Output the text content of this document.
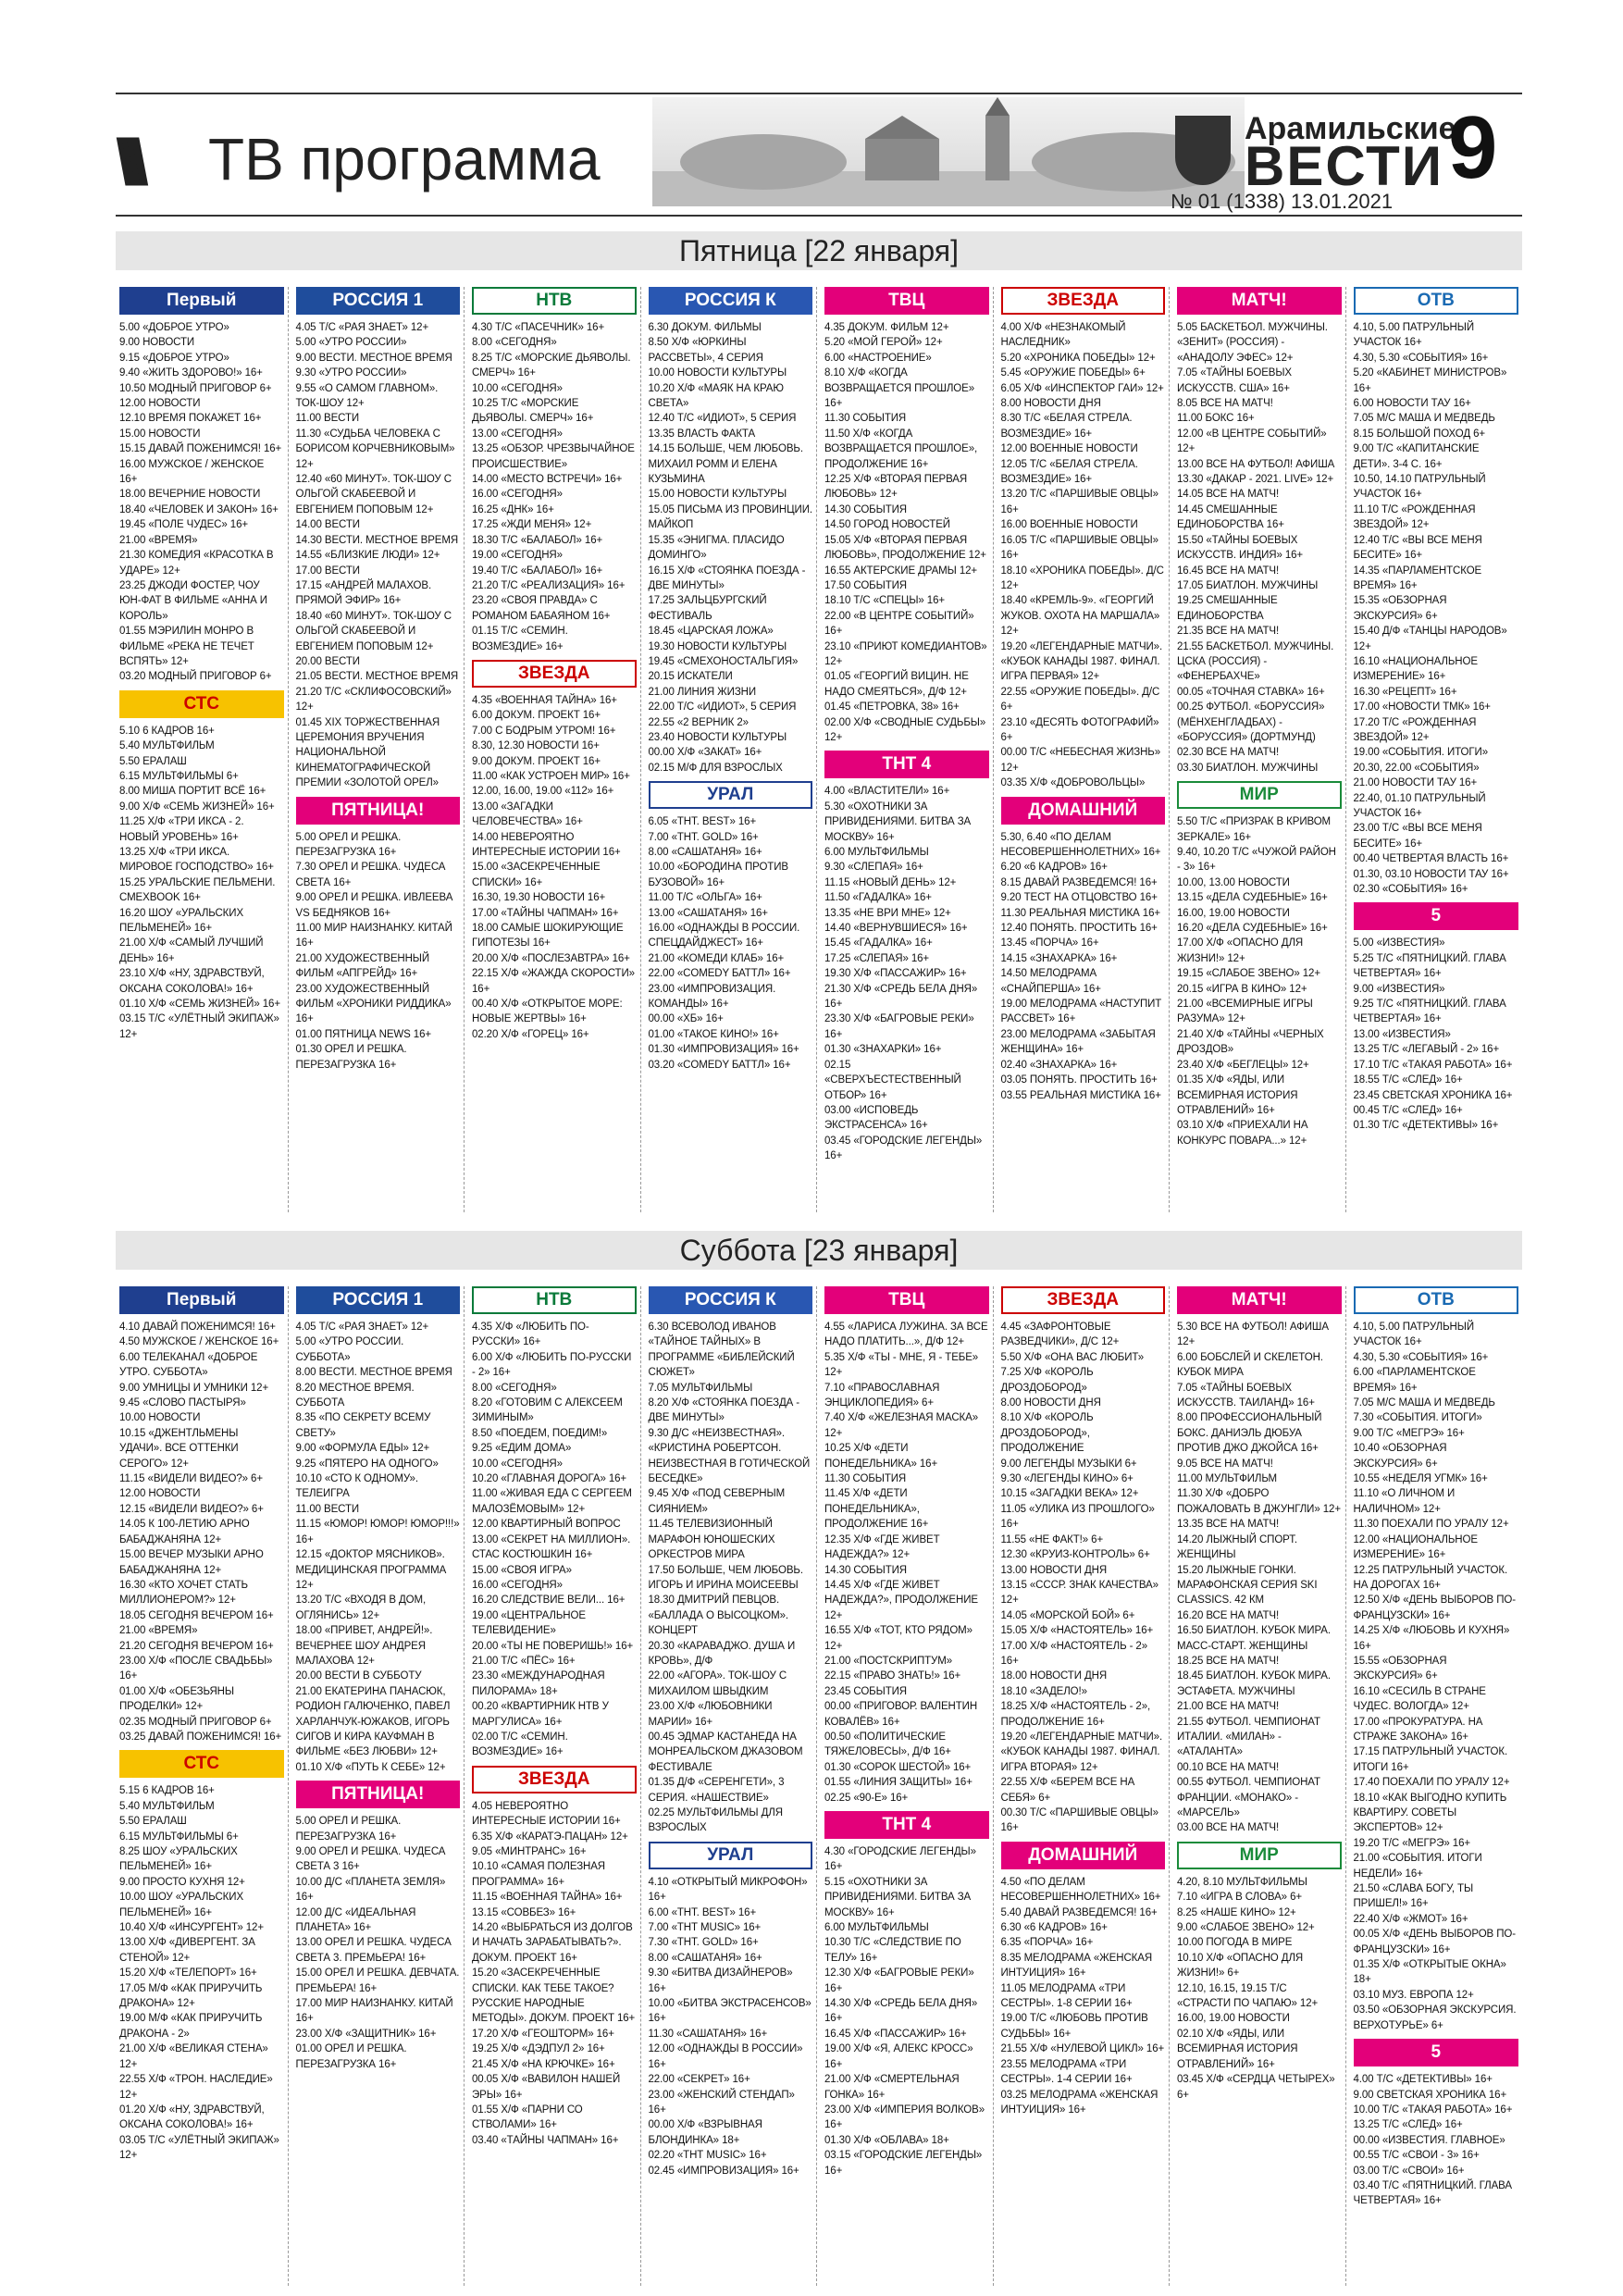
\\\\ ТВ программа	Арамильские
ВЕСТИ
№ 01 (1338) 13.01.2021
9
Пятница [22 января]
Первый
5.00 «ДОБРОЕ УТРО»
9.00 НОВОСТИ
9.15 «ДОБРОЕ УТРО»
9.40 «ЖИТЬ ЗДОРОВО!» 16+
10.50 МОДНЫЙ ПРИГОВОР 6+
12.00 НОВОСТИ
12.10 ВРЕМЯ ПОКАЖЕТ 16+
15.00 НОВОСТИ
15.15 ДАВАЙ ПОЖЕНИМСЯ! 16+
16.00 МУЖСКОЕ / ЖЕНСКОЕ 16+
18.00 ВЕЧЕРНИЕ НОВОСТИ
18.40 «ЧЕЛОВЕК И ЗАКОН» 16+
19.45 «ПОЛЕ ЧУДЕС» 16+
21.00 «ВРЕМЯ»
21.30 КОМЕДИЯ «КРАСОТКА В УДАРЕ» 12+
23.25 ДЖОДИ ФОСТЕР, ЧОУ ЮН-ФАТ В ФИЛЬМЕ «АННА И КОРОЛЬ»
01.55 МЭРИЛИН МОНРО В ФИЛЬМЕ «РЕКА НЕ ТЕЧЕТ ВСПЯТЬ» 12+
03.20 МОДНЫЙ ПРИГОВОР 6+
СТС
5.10 6 КАДРОВ 16+
5.40 МУЛЬТФИЛЬМ
5.50 ЕРАЛАШ
6.15 МУЛЬТФИЛЬМЫ 6+
8.00 МИША ПОРТИТ ВСЁ 16+
9.00 Х/Ф «СЕМЬ ЖИЗНЕЙ» 16+
11.25 Х/Ф «ТРИ ИКСА - 2. НОВЫЙ УРОВЕНЬ» 16+
13.25 Х/Ф «ТРИ ИКСА. МИРОВОЕ ГОСПОДСТВО» 16+
15.25 УРАЛЬСКИЕ ПЕЛЬМЕНИ. СМЕХBOOK 16+
16.20 ШОУ «УРАЛЬСКИХ ПЕЛЬМЕНЕЙ» 16+
21.00 Х/Ф «САМЫЙ ЛУЧШИЙ ДЕНЬ» 16+
23.10 Х/Ф «НУ, ЗДРАВСТВУЙ, ОКСАНА СОКОЛОВА!» 16+
01.10 Х/Ф «СЕМЬ ЖИЗНЕЙ» 16+
03.15 Т/С «УЛЁТНЫЙ ЭКИПАЖ» 12+
РОССИЯ 1
4.05 Т/С «РАЯ ЗНАЕТ» 12+
5.00 «УТРО РОССИИ»
9.00 ВЕСТИ. МЕСТНОЕ ВРЕМЯ
9.30 «УТРО РОССИИ»
9.55 «О САМОМ ГЛАВНОМ». ТОК-ШОУ 12+
11.00 ВЕСТИ
11.30 «СУДЬБА ЧЕЛОВЕКА С БОРИСОМ КОРЧЕВНИКОВЫМ» 12+
12.40 «60 МИНУТ». ТОК-ШОУ С ОЛЬГОЙ СКАБЕЕВОЙ И ЕВГЕНИЕМ ПОПОВЫМ 12+
14.00 ВЕСТИ
14.30 ВЕСТИ. МЕСТНОЕ ВРЕМЯ
14.55 «БЛИЗКИЕ ЛЮДИ» 12+
17.00 ВЕСТИ
17.15 «АНДРЕЙ МАЛАХОВ. ПРЯМОЙ ЭФИР» 16+
18.40 «60 МИНУТ». ТОК-ШОУ С ОЛЬГОЙ СКАБЕЕВОЙ И ЕВГЕНИЕМ ПОПОВЫМ 12+
20.00 ВЕСТИ
21.05 ВЕСТИ. МЕСТНОЕ ВРЕМЯ
21.20 Т/С «СКЛИФОСОВСКИЙ» 12+
01.45 XIX ТОРЖЕСТВЕННАЯ ЦЕРЕМОНИЯ ВРУЧЕНИЯ НАЦИОНАЛЬНОЙ КИНЕМАТОГРАФИЧЕСКОЙ ПРЕМИИ «ЗОЛОТОЙ ОРЕЛ»
ПЯТНИЦА!
5.00 ОРЕЛ И РЕШКА. ПЕРЕЗАГРУЗКА 16+
7.30 ОРЕЛ И РЕШКА. ЧУДЕСА СВЕТА 16+
9.00 ОРЕЛ И РЕШКА. ИВЛЕЕВА VS БЕДНЯКОВ 16+
11.00 МИР НАИЗНАНКУ. КИТАЙ 16+
21.00 ХУДОЖЕСТВЕННЫЙ ФИЛЬМ «АПГРЕЙД» 16+
23.00 ХУДОЖЕСТВЕННЫЙ ФИЛЬМ «ХРОНИКИ РИДДИКА» 16+
01.00 ПЯТНИЦА NEWS 16+
01.30 ОРЕЛ И РЕШКА. ПЕРЕЗАГРУЗКА 16+
НТВ
4.30 Т/С «ПАСЕЧНИК» 16+
8.00 «СЕГОДНЯ»
8.25 Т/С «МОРСКИЕ ДЬЯВОЛЫ. СМЕРЧ» 16+
10.00 «СЕГОДНЯ»
10.25 Т/С «МОРСКИЕ ДЬЯВОЛЫ. СМЕРЧ» 16+
13.00 «СЕГОДНЯ»
13.25 «ОБЗОР. ЧРЕЗВЫЧАЙНОЕ ПРОИСШЕСТВИЕ»
14.00 «МЕСТО ВСТРЕЧИ» 16+
16.00 «СЕГОДНЯ»
16.25 «ДНК» 16+
17.25 «ЖДИ МЕНЯ» 12+
18.30 Т/С «БАЛАБОЛ» 16+
19.00 «СЕГОДНЯ»
19.40 Т/С «БАЛАБОЛ» 16+
21.20 Т/С «РЕАЛИЗАЦИЯ» 16+
23.20 «СВОЯ ПРАВДА» С РОМАНОМ БАБАЯНОМ 16+
01.15 Т/С «СЕМИН. ВОЗМЕЗДИЕ» 16+
ЗВЕЗДА
4.35 «ВОЕННАЯ ТАЙНА» 16+
6.00 ДОКУМ. ПРОЕКТ 16+
7.00 С БОДРЫМ УТРОМ! 16+
8.30, 12.30 НОВОСТИ 16+
9.00 ДОКУМ. ПРОЕКТ 16+
11.00 «КАК УСТРОЕН МИР» 16+
12.00, 16.00, 19.00 «112» 16+
13.00 «ЗАГАДКИ ЧЕЛОВЕЧЕСТВА» 16+
14.00 НЕВЕРОЯТНО ИНТЕРЕСНЫЕ ИСТОРИИ 16+
15.00 «ЗАСЕКРЕЧЕННЫЕ СПИСКИ» 16+
16.30, 19.30 НОВОСТИ 16+
17.00 «ТАЙНЫ ЧАПМАН» 16+
18.00 САМЫЕ ШОКИРУЮЩИЕ ГИПОТЕЗЫ 16+
20.00 Х/Ф «ПОСЛЕЗАВТРА» 16+
22.15 Х/Ф «ЖАЖДА СКОРОСТИ» 16+
00.40 Х/Ф «ОТКРЫТОЕ МОРЕ: НОВЫЕ ЖЕРТВЫ» 16+
02.20 Х/Ф «ГОРЕЦ» 16+
РОССИЯ К
6.30 ДОКУМ. ФИЛЬМЫ
8.50 Х/Ф «ЮРКИНЫ РАССВЕТЫ», 4 СЕРИЯ
10.00 НОВОСТИ КУЛЬТУРЫ
10.20 Х/Ф «МАЯК НА КРАЮ СВЕТА»
12.40 Т/С «ИДИОТ», 5 СЕРИЯ
13.35 ВЛАСТЬ ФАКТА
14.15 БОЛЬШЕ, ЧЕМ ЛЮБОВЬ. МИХАИЛ РОММ И ЕЛЕНА КУЗЬМИНА
15.00 НОВОСТИ КУЛЬТУРЫ
15.05 ПИСЬМА ИЗ ПРОВИНЦИИ. МАЙКОП
15.35 «ЭНИГМА. ПЛАСИДО ДОМИНГО»
16.15 Х/Ф «СТОЯНКА ПОЕЗДА - ДВЕ МИНУТЫ»
17.25 ЗАЛЬЦБУРГСКИЙ ФЕСТИВАЛЬ
18.45 «ЦАРСКАЯ ЛОЖА»
19.30 НОВОСТИ КУЛЬТУРЫ
19.45 «СМЕХОНОСТАЛЬГИЯ»
20.15 ИСКАТЕЛИ
21.00 ЛИНИЯ ЖИЗНИ
22.00 Т/С «ИДИОТ», 5 СЕРИЯ
22.55 «2 ВЕРНИК 2»
23.40 НОВОСТИ КУЛЬТУРЫ
00.00 Х/Ф «ЗАКАТ» 16+
02.15 М/Ф ДЛЯ ВЗРОСЛЫХ
УРАЛ
6.05 «ТНТ. BEST» 16+
7.00 «ТНТ. GOLD» 16+
8.00 «САШАТАНЯ» 16+
10.00 «БОРОДИНА ПРОТИВ БУЗОВОЙ» 16+
11.00 Т/С «ОЛЬГА» 16+
13.00 «САШАТАНЯ» 16+
16.00 «ОДНАЖДЫ В РОССИИ. СПЕЦДАЙДЖЕСТ» 16+
21.00 «КОМЕДИ КЛАБ» 16+
22.00 «COMEDY БАТТЛ» 16+
23.00 «ИМПРОВИЗАЦИЯ. КОМАНДЫ» 16+
00.00 «ХБ» 16+
01.00 «ТАКОЕ КИНО!» 16+
01.30 «ИМПРОВИЗАЦИЯ» 16+
03.20 «COMEDY БАТТЛ» 16+
ТВЦ
4.35 ДОКУМ. ФИЛЬМ 12+
5.20 «МОЙ ГЕРОЙ» 12+
6.00 «НАСТРОЕНИЕ»
8.10 Х/Ф «КОГДА ВОЗВРАЩАЕТСЯ ПРОШЛОЕ» 16+
11.30 СОБЫТИЯ
11.50 Х/Ф «КОГДА ВОЗВРАЩАЕТСЯ ПРОШЛОЕ», ПРОДОЛЖЕНИЕ 16+
12.25 Х/Ф «ВТОРАЯ ПЕРВАЯ ЛЮБОВЬ» 12+
14.30 СОБЫТИЯ
14.50 ГОРОД НОВОСТЕЙ
15.05 Х/Ф «ВТОРАЯ ПЕРВАЯ ЛЮБОВЬ», ПРОДОЛЖЕНИЕ 12+
16.55 АКТЕРСКИЕ ДРАМЫ 12+
17.50 СОБЫТИЯ
18.10 Т/С «СПЕЦЫ» 16+
22.00 «В ЦЕНТРЕ СОБЫТИЙ» 16+
23.10 «ПРИЮТ КОМЕДИАНТОВ» 12+
01.05 «ГЕОРГИЙ ВИЦИН. НЕ НАДО СМЕЯТЬСЯ», Д/Ф 12+
01.45 «ПЕТРОВКА, 38» 16+
02.00 Х/Ф «СВОДНЫЕ СУДЬБЫ» 12+
ТНТ 4
4.00 «ВЛАСТИТЕЛИ» 16+
5.30 «ОХОТНИКИ ЗА ПРИВИДЕНИЯМИ. БИТВА ЗА МОСКВУ» 16+
6.00 МУЛЬТФИЛЬМЫ
9.30 «СЛЕПАЯ» 16+
11.15 «НОВЫЙ ДЕНЬ» 12+
11.50 «ГАДАЛКА» 16+
13.35 «НЕ ВРИ МНЕ» 12+
14.40 «ВЕРНУВШИЕСЯ» 16+
15.45 «ГАДАЛКА» 16+
17.25 «СЛЕПАЯ» 16+
19.30 Х/Ф «ПАССАЖИР» 16+
21.30 Х/Ф «СРЕДЬ БЕЛА ДНЯ» 16+
23.30 Х/Ф «БАГРОВЫЕ РЕКИ» 16+
01.30 «ЗНАХАРКИ» 16+
02.15 «СВЕРХЪЕСТЕСТВЕННЫЙ ОТБОР» 16+
03.00 «ИСПОВЕДЬ ЭКСТРАСЕНСА» 16+
03.45 «ГОРОДСКИЕ ЛЕГЕНДЫ» 16+
ЗВЕЗДА
4.00 Х/Ф «НЕЗНАКОМЫЙ НАСЛЕДНИК»
5.20 «ХРОНИКА ПОБЕДЫ» 12+
5.45 «ОРУЖИЕ ПОБЕДЫ» 6+
6.05 Х/Ф «ИНСПЕКТОР ГАИ» 12+
8.00 НОВОСТИ ДНЯ
8.30 Т/С «БЕЛАЯ СТРЕЛА. ВОЗМЕЗДИЕ» 16+
12.00 ВОЕННЫЕ НОВОСТИ
12.05 Т/С «БЕЛАЯ СТРЕЛА. ВОЗМЕЗДИЕ» 16+
13.20 Т/С «ПАРШИВЫЕ ОВЦЫ» 16+
16.00 ВОЕННЫЕ НОВОСТИ
16.05 Т/С «ПАРШИВЫЕ ОВЦЫ» 16+
18.10 «ХРОНИКА ПОБЕДЫ». Д/С 12+
18.40 «КРЕМЛЬ-9». «ГЕОРГИЙ ЖУКОВ. ОХОТА НА МАРШАЛА» 12+
19.20 «ЛЕГЕНДАРНЫЕ МАТЧИ». «КУБОК КАНАДЫ 1987. ФИНАЛ. ИГРА ПЕРВАЯ» 12+
22.55 «ОРУЖИЕ ПОБЕДЫ». Д/С 6+
23.10 «ДЕСЯТЬ ФОТОГРАФИЙ» 6+
00.00 Т/С «НЕБЕСНАЯ ЖИЗНЬ» 12+
03.35 Х/Ф «ДОБРОВОЛЬЦЫ»
ДОМАШНИЙ
5.30, 6.40 «ПО ДЕЛАМ НЕСОВЕРШЕННОЛЕТНИХ» 16+
6.20 «6 КАДРОВ» 16+
8.15 ДАВАЙ РАЗВЕДЕМСЯ! 16+
9.20 ТЕСТ НА ОТЦОВСТВО 16+
11.30 РЕАЛЬНАЯ МИСТИКА 16+
12.40 ПОНЯТЬ. ПРОСТИТЬ 16+
13.45 «ПОРЧА» 16+
14.15 «ЗНАХАРКА» 16+
14.50 МЕЛОДРАМА «СНАЙПЕРША» 16+
19.00 МЕЛОДРАМА «НАСТУПИТ РАССВЕТ» 16+
23.00 МЕЛОДРАМА «ЗАБЫТАЯ ЖЕНЩИНА» 16+
02.40 «ЗНАХАРКА» 16+
03.05 ПОНЯТЬ. ПРОСТИТЬ 16+
03.55 РЕАЛЬНАЯ МИСТИКА 16+
МАТЧ!
5.05 БАСКЕТБОЛ. МУЖЧИНЫ. «ЗЕНИТ» (РОССИЯ) - «АНАДОЛУ ЭФЕС» 12+
7.05 «ТАЙНЫ БОЕВЫХ ИСКУССТВ. США» 16+
8.05 ВСЕ НА МАТЧ!
11.00 БОКС 16+
12.00 «В ЦЕНТРЕ СОБЫТИЙ» 12+
13.00 ВСЕ НА ФУТБОЛ! АФИША
13.30 «ДАКАР - 2021. LIVE» 12+
14.05 ВСЕ НА МАТЧ!
14.45 СМЕШАННЫЕ ЕДИНОБОРСТВА 16+
15.50 «ТАЙНЫ БОЕВЫХ ИСКУССТВ. ИНДИЯ» 16+
16.45 ВСЕ НА МАТЧ!
17.05 БИАТЛОН. МУЖЧИНЫ
19.25 СМЕШАННЫЕ ЕДИНОБОРСТВА
21.35 ВСЕ НА МАТЧ!
21.55 БАСКЕТБОЛ. МУЖЧИНЫ. ЦСКА (РОССИЯ) - «ФЕНЕРБАХЧЕ»
00.05 «ТОЧНАЯ СТАВКА» 16+
00.25 ФУТБОЛ. «БОРУССИЯ» (МЁНХЕНГЛАДБАХ) - «БОРУССИЯ» (ДОРТМУНД)
02.30 ВСЕ НА МАТЧ!
03.30 БИАТЛОН. МУЖЧИНЫ
МИР
5.50 Т/С «ПРИЗРАК В КРИВОМ ЗЕРКАЛЕ» 16+
9.40, 10.20 Т/С «ЧУЖОЙ РАЙОН - 3» 16+
10.00, 13.00 НОВОСТИ
13.15 «ДЕЛА СУДЕБНЫЕ» 16+
16.00, 19.00 НОВОСТИ
16.20 «ДЕЛА СУДЕБНЫЕ» 16+
17.00 Х/Ф «ОПАСНО ДЛЯ ЖИЗНИ!» 12+
19.15 «СЛАБОЕ ЗВЕНО» 12+
20.15 «ИГРА В КИНО» 12+
21.00 «ВСЕМИРНЫЕ ИГРЫ РАЗУМА» 12+
21.40 Х/Ф «ТАЙНЫ «ЧЕРНЫХ ДРОЗДОВ»
23.40 Х/Ф «БЕГЛЕЦЫ» 12+
01.35 Х/Ф «ЯДЫ, ИЛИ ВСЕМИРНАЯ ИСТОРИЯ ОТРАВЛЕНИЙ» 16+
03.10 Х/Ф «ПРИЕХАЛИ НА КОНКУРС ПОВАРА...» 12+
ОТВ
4.10, 5.00 ПАТРУЛЬНЫЙ УЧАСТОК 16+
4.30, 5.30 «СОБЫТИЯ» 16+
5.20 «КАБИНЕТ МИНИСТРОВ» 16+
6.00 НОВОСТИ ТАУ 16+
7.05 М/С МАША И МЕДВЕДЬ
8.15 БОЛЬШОЙ ПОХОД 6+
9.00 Т/С «КАПИТАНСКИЕ ДЕТИ». 3-4 С. 16+
10.50, 14.10 ПАТРУЛЬНЫЙ УЧАСТОК 16+
11.10 Т/С «РОЖДЕННАЯ ЗВЕЗДОЙ» 12+
12.40 Т/С «ВЫ ВСЕ МЕНЯ БЕСИТЕ» 16+
14.35 «ПАРЛАМЕНТСКОЕ ВРЕМЯ» 16+
15.35 «ОБЗОРНАЯ ЭКСКУРСИЯ» 6+
15.40 Д/Ф «ТАНЦЫ НАРОДОВ» 12+
16.10 «НАЦИОНАЛЬНОЕ ИЗМЕРЕНИЕ» 16+
16.30 «РЕЦЕПТ» 16+
17.00 «НОВОСТИ ТМК» 16+
17.20 Т/С «РОЖДЕННАЯ ЗВЕЗДОЙ» 12+
19.00 «СОБЫТИЯ. ИТОГИ»
20.30, 22.00 «СОБЫТИЯ»
21.00 НОВОСТИ ТАУ 16+
22.40, 01.10 ПАТРУЛЬНЫЙ УЧАСТОК 16+
23.00 Т/С «ВЫ ВСЕ МЕНЯ БЕСИТЕ» 16+
00.40 ЧЕТВЕРТАЯ ВЛАСТЬ 16+
01.30, 03.10 НОВОСТИ ТАУ 16+
02.30 «СОБЫТИЯ» 16+
5
5.00 «ИЗВЕСТИЯ»
5.25 Т/С «ПЯТНИЦКИЙ. ГЛАВА ЧЕТВЕРТАЯ» 16+
9.00 «ИЗВЕСТИЯ»
9.25 Т/С «ПЯТНИЦКИЙ. ГЛАВА ЧЕТВЕРТАЯ» 16+
13.00 «ИЗВЕСТИЯ»
13.25 Т/С «ЛЕГАВЫЙ - 2» 16+
17.10 Т/С «ТАКАЯ РАБОТА» 16+
18.55 Т/С «СЛЕД» 16+
23.45 СВЕТСКАЯ ХРОНИКА 16+
00.45 Т/С «СЛЕД» 16+
01.30 Т/С «ДЕТЕКТИВЫ» 16+
Суббота [23 января]
Первый
4.10 ДАВАЙ ПОЖЕНИМСЯ! 16+
4.50 МУЖСКОЕ / ЖЕНСКОЕ 16+
6.00 ТЕЛЕКАНАЛ «ДОБРОЕ УТРО. СУББОТА»
9.00 УМНИЦЫ И УМНИКИ 12+
9.45 «СЛОВО ПАСТЫРЯ»
10.00 НОВОСТИ
10.15 «ДЖЕНТЛЬМЕНЫ УДАЧИ». ВСЕ ОТТЕНКИ СЕРОГО» 12+
11.15 «ВИДЕЛИ ВИДЕО?» 6+
12.00 НОВОСТИ
12.15 «ВИДЕЛИ ВИДЕО?» 6+
14.05 К 100-ЛЕТИЮ АРНО БАБАДЖАНЯНА 12+
15.00 ВЕЧЕР МУЗЫКИ АРНО БАБАДЖАНЯНА 12+
16.30 «КТО ХОЧЕТ СТАТЬ МИЛЛИОНЕРОМ?» 12+
18.05 СЕГОДНЯ ВЕЧЕРОМ 16+
21.00 «ВРЕМЯ»
21.20 СЕГОДНЯ ВЕЧЕРОМ 16+
23.00 Х/Ф «ПОСЛЕ СВАДЬБЫ» 16+
01.00 Х/Ф «ОБЕЗЬЯНЫ ПРОДЕЛКИ» 12+
02.35 МОДНЫЙ ПРИГОВОР 6+
03.25 ДАВАЙ ПОЖЕНИМСЯ! 16+
СТС
5.15 6 КАДРОВ 16+
5.40 МУЛЬТФИЛЬМ
5.50 ЕРАЛАШ
6.15 МУЛЬТФИЛЬМЫ 6+
8.25 ШОУ «УРАЛЬСКИХ ПЕЛЬМЕНЕЙ» 16+
9.00 ПРОСТО КУХНЯ 12+
10.00 ШОУ «УРАЛЬСКИХ ПЕЛЬМЕНЕЙ» 16+
10.40 Х/Ф «ИНСУРГЕНТ» 12+
13.00 Х/Ф «ДИВЕРГЕНТ. ЗА СТЕНОЙ» 12+
15.20 Х/Ф «ТЕЛЕПОРТ» 16+
17.05 М/Ф «КАК ПРИРУЧИТЬ ДРАКОНА» 12+
19.00 М/Ф «КАК ПРИРУЧИТЬ ДРАКОНА - 2»
21.00 Х/Ф «ВЕЛИКАЯ СТЕНА» 12+
22.55 Х/Ф «ТРОН. НАСЛЕДИЕ» 12+
01.20 Х/Ф «НУ, ЗДРАВСТВУЙ, ОКСАНА СОКОЛОВА!» 16+
03.05 Т/С «УЛЁТНЫЙ ЭКИПАЖ» 12+
РОССИЯ 1
4.05 Т/С «РАЯ ЗНАЕТ» 12+
5.00 «УТРО РОССИИ. СУББОТА»
8.00 ВЕСТИ. МЕСТНОЕ ВРЕМЯ
8.20 МЕСТНОЕ ВРЕМЯ. СУББОТА
8.35 «ПО СЕКРЕТУ ВСЕМУ СВЕТУ»
9.00 «ФОРМУЛА ЕДЫ» 12+
9.25 «ПЯТЕРО НА ОДНОГО»
10.10 «СТО К ОДНОМУ». ТЕЛЕИГРА
11.00 ВЕСТИ
11.15 «ЮМОР! ЮМОР! ЮМОР!!!» 16+
12.15 «ДОКТОР МЯСНИКОВ». МЕДИЦИНСКАЯ ПРОГРАММА 12+
13.20 Т/С «ВХОДЯ В ДОМ, ОГЛЯНИСЬ» 12+
18.00 «ПРИВЕТ, АНДРЕЙ!». ВЕЧЕРНЕЕ ШОУ АНДРЕЯ МАЛАХОВА 12+
20.00 ВЕСТИ В СУББОТУ
21.00 ЕКАТЕРИНА ПАНАСЮК, РОДИОН ГАЛЮЧЕНКО, ПАВЕЛ ХАРЛАНЧУК-ЮЖАКОВ, ИГОРЬ СИГОВ И КИРА КАУФМАН В ФИЛЬМЕ «БЕЗ ЛЮБВИ» 12+
01.10 Х/Ф «ПУТЬ К СЕБЕ» 12+
ПЯТНИЦА!
5.00 ОРЕЛ И РЕШКА. ПЕРЕЗАГРУЗКА 16+
9.00 ОРЕЛ И РЕШКА. ЧУДЕСА СВЕТА 3 16+
10.00 Д/С «ПЛАНЕТА ЗЕМЛЯ» 16+
12.00 Д/С «ИДЕАЛЬНАЯ ПЛАНЕТА» 16+
13.00 ОРЕЛ И РЕШКА. ЧУДЕСА СВЕТА 3. ПРЕМЬЕРА! 16+
15.00 ОРЕЛ И РЕШКА. ДЕВЧАТА. ПРЕМЬЕРА! 16+
17.00 МИР НАИЗНАНКУ. КИТАЙ 16+
23.00 Х/Ф «ЗАЩИТНИК» 16+
01.00 ОРЕЛ И РЕШКА. ПЕРЕЗАГРУЗКА 16+
НТВ
4.35 Х/Ф «ЛЮБИТЬ ПО-РУССКИ» 16+
6.00 Х/Ф «ЛЮБИТЬ ПО-РУССКИ - 2» 16+
8.00 «СЕГОДНЯ»
8.20 «ГОТОВИМ С АЛЕКСЕЕМ ЗИМИНЫМ»
8.50 «ПОЕДЕМ, ПОЕДИМ!»
9.25 «ЕДИМ ДОМА»
10.00 «СЕГОДНЯ»
10.20 «ГЛАВНАЯ ДОРОГА» 16+
11.00 «ЖИВАЯ ЕДА С СЕРГЕЕМ МАЛОЗЁМОВЫМ» 12+
12.00 КВАРТИРНЫЙ ВОПРОС
13.00 «СЕКРЕТ НА МИЛЛИОН». СТАС КОСТЮШКИН 16+
15.00 «СВОЯ ИГРА»
16.00 «СЕГОДНЯ»
16.20 СЛЕДСТВИЕ ВЕЛИ... 16+
19.00 «ЦЕНТРАЛЬНОЕ ТЕЛЕВИДЕНИЕ»
20.00 «ТЫ НЕ ПОВЕРИШЬ!» 16+
21.00 Т/С «ПЁС» 16+
23.30 «МЕЖДУНАРОДНАЯ ПИЛОРАМА» 18+
00.20 «КВАРТИРНИК НТВ У МАРГУЛИСА» 16+
02.00 Т/С «СЕМИН. ВОЗМЕЗДИЕ» 16+
ЗВЕЗДА
4.05 НЕВЕРОЯТНО ИНТЕРЕСНЫЕ ИСТОРИИ 16+
6.35 Х/Ф «КАРАТЭ-ПАЦАН» 12+
9.05 «МИНТРАНС» 16+
10.10 «САМАЯ ПОЛЕЗНАЯ ПРОГРАММА» 16+
11.15 «ВОЕННАЯ ТАЙНА» 16+
13.15 «СОВБЕЗ» 16+
14.20 «ВЫБРАТЬСЯ ИЗ ДОЛГОВ И НАЧАТЬ ЗАРАБАТЫВАТЬ?». ДОКУМ. ПРОЕКТ 16+
15.20 «ЗАСЕКРЕЧЕННЫЕ СПИСКИ. КАК ТЕБЕ ТАКОЕ? РУССКИЕ НАРОДНЫЕ МЕТОДЫ». ДОКУМ. ПРОЕКТ 16+
17.20 Х/Ф «ГЕОШТОРМ» 16+
19.25 Х/Ф «ДЭДПУЛ 2» 16+
21.45 Х/Ф «НА КРЮЧКЕ» 16+
00.05 Х/Ф «ВАВИЛОН НАШЕЙ ЭРЫ» 16+
01.55 Х/Ф «ПАРНИ СО СТВОЛАМИ» 16+
03.40 «ТАЙНЫ ЧАПМАН» 16+
РОССИЯ К
6.30 ВСЕВОЛОД ИВАНОВ «ТАЙНОЕ ТАЙНЫХ» В ПРОГРАММЕ «БИБЛЕЙСКИЙ СЮЖЕТ»
7.05 МУЛЬТФИЛЬМЫ
8.20 Х/Ф «СТОЯНКА ПОЕЗДА - ДВЕ МИНУТЫ»
9.30 Д/С «НЕИЗВЕСТНАЯ». «КРИСТИНА РОБЕРТСОН. НЕИЗВЕСТНАЯ В ГОТИЧЕСКОЙ БЕСЕДКЕ»
9.45 Х/Ф «ПОД СЕВЕРНЫМ СИЯНИЕМ»
11.45 ТЕЛЕВИЗИОННЫЙ МАРАФОН ЮНОШЕСКИХ ОРКЕСТРОВ МИРА
17.50 БОЛЬШЕ, ЧЕМ ЛЮБОВЬ. ИГОРЬ И ИРИНА МОИСЕЕВЫ
18.30 ДМИТРИЙ ПЕВЦОВ. «БАЛЛАДА О ВЫСОЦКОМ». КОНЦЕРТ
20.30 «КАРАВАДЖО. ДУША И КРОВЬ», Д/Ф
22.00 «АГОРА». ТОК-ШОУ С МИХАИЛОМ ШВЫДКИМ
23.00 Х/Ф «ЛЮБОВНИКИ МАРИИ» 16+
00.45 ЭДМАР КАСТАНЕДА НА МОНРЕАЛЬСКОМ ДЖАЗОВОМ ФЕСТИВАЛЕ
01.35 Д/Ф «СЕРЕНГЕТИ», 3 СЕРИЯ. «НАШЕСТВИЕ»
02.25 МУЛЬТФИЛЬМЫ ДЛЯ ВЗРОСЛЫХ
УРАЛ
4.10 «ОТКРЫТЫЙ МИКРОФОН» 16+
6.00 «ТНТ. BEST» 16+
7.00 «ТНТ MUSIC» 16+
7.30 «ТНТ. GOLD» 16+
8.00 «САШАТАНЯ» 16+
9.30 «БИТВА ДИЗАЙНЕРОВ» 16+
10.00 «БИТВА ЭКСТРАСЕНСОВ» 16+
11.30 «САШАТАНЯ» 16+
12.00 «ОДНАЖДЫ В РОССИИ» 16+
22.00 «СЕКРЕТ» 16+
23.00 «ЖЕНСКИЙ СТЕНДАП» 16+
00.00 Х/Ф «ВЗРЫВНАЯ БЛОНДИНКА» 18+
02.20 «ТНТ MUSIC» 16+
02.45 «ИМПРОВИЗАЦИЯ» 16+
ТВЦ
4.55 «ЛАРИСА ЛУЖИНА. ЗА ВСЕ НАДО ПЛАТИТЬ...», Д/Ф 12+
5.35 Х/Ф «ТЫ - МНЕ, Я - ТЕБЕ» 12+
7.10 «ПРАВОСЛАВНАЯ ЭНЦИКЛОПЕДИЯ» 6+
7.40 Х/Ф «ЖЕЛЕЗНАЯ МАСКА» 12+
10.25 Х/Ф «ДЕТИ ПОНЕДЕЛЬНИКА» 16+
11.30 СОБЫТИЯ
11.45 Х/Ф «ДЕТИ ПОНЕДЕЛЬНИКА», ПРОДОЛЖЕНИЕ 16+
12.35 Х/Ф «ГДЕ ЖИВЕТ НАДЕЖДА?» 12+
14.30 СОБЫТИЯ
14.45 Х/Ф «ГДЕ ЖИВЕТ НАДЕЖДА?», ПРОДОЛЖЕНИЕ 12+
16.55 Х/Ф «ТОТ, КТО РЯДОМ» 12+
21.00 «ПОСТСКРИПТУМ»
22.15 «ПРАВО ЗНАТЬ!» 16+
23.45 СОБЫТИЯ
00.00 «ПРИГОВОР. ВАЛЕНТИН КОВАЛЁВ» 16+
00.50 «ПОЛИТИЧЕСКИЕ ТЯЖЕЛОВЕСЫ», Д/Ф 16+
01.30 «СОРОК ШЕСТОЙ» 16+
01.55 «ЛИНИЯ ЗАЩИТЫ» 16+
02.25 «90-Е» 16+
ТНТ 4
4.30 «ГОРОДСКИЕ ЛЕГЕНДЫ» 16+
5.15 «ОХОТНИКИ ЗА ПРИВИДЕНИЯМИ. БИТВА ЗА МОСКВУ» 16+
6.00 МУЛЬТФИЛЬМЫ
10.30 Т/С «СЛЕДСТВИЕ ПО ТЕЛУ» 16+
12.30 Х/Ф «БАГРОВЫЕ РЕКИ» 16+
14.30 Х/Ф «СРЕДЬ БЕЛА ДНЯ» 16+
16.45 Х/Ф «ПАССАЖИР» 16+
19.00 Х/Ф «Я, АЛЕКС КРОСС» 16+
21.00 Х/Ф «СМЕРТЕЛЬНАЯ ГОНКА» 16+
23.00 Х/Ф «ИМПЕРИЯ ВОЛКОВ» 16+
01.30 Х/Ф «ОБЛАВА» 18+
03.15 «ГОРОДСКИЕ ЛЕГЕНДЫ» 16+
ЗВЕЗДА
4.45 «ЗАФРОНТОВЫЕ РАЗВЕДЧИКИ», Д/С 12+
5.50 Х/Ф «ОНА ВАС ЛЮБИТ»
7.25 Х/Ф «КОРОЛЬ ДРОЗДОБОРОД»
8.00 НОВОСТИ ДНЯ
8.10 Х/Ф «КОРОЛЬ ДРОЗДОБОРОД», ПРОДОЛЖЕНИЕ
9.00 ЛЕГЕНДЫ МУЗЫКИ 6+
9.30 «ЛЕГЕНДЫ КИНО» 6+
10.15 «ЗАГАДКИ ВЕКА» 12+
11.05 «УЛИКА ИЗ ПРОШЛОГО» 16+
11.55 «НЕ ФАКТ!» 6+
12.30 «КРУИЗ-КОНТРОЛЬ» 6+
13.00 НОВОСТИ ДНЯ
13.15 «СССР. ЗНАК КАЧЕСТВА» 12+
14.05 «МОРСКОЙ БОЙ» 6+
15.05 Х/Ф «НАСТОЯТЕЛЬ» 16+
17.00 Х/Ф «НАСТОЯТЕЛЬ - 2» 16+
18.00 НОВОСТИ ДНЯ
18.10 «ЗАДЕЛО!»
18.25 Х/Ф «НАСТОЯТЕЛЬ - 2», ПРОДОЛЖЕНИЕ 16+
19.20 «ЛЕГЕНДАРНЫЕ МАТЧИ». «КУБОК КАНАДЫ 1987. ФИНАЛ. ИГРА ВТОРАЯ» 12+
22.55 Х/Ф «БЕРЕМ ВСЕ НА СЕБЯ» 6+
00.30 Т/С «ПАРШИВЫЕ ОВЦЫ» 16+
ДОМАШНИЙ
4.50 «ПО ДЕЛАМ НЕСОВЕРШЕННОЛЕТНИХ» 16+
5.40 ДАВАЙ РАЗВЕДЕМСЯ! 16+
6.30 «6 КАДРОВ» 16+
6.35 «ПОРЧА» 16+
8.35 МЕЛОДРАМА «ЖЕНСКАЯ ИНТУИЦИЯ» 16+
11.05 МЕЛОДРАМА «ТРИ СЕСТРЫ». 1-8 СЕРИИ 16+
19.00 Т/С «ЛЮБОВЬ ПРОТИВ СУДЬБЫ» 16+
21.55 Х/Ф «НУЛЕВОЙ ЦИКЛ» 16+
23.55 МЕЛОДРАМА «ТРИ СЕСТРЫ». 1-4 СЕРИИ 16+
03.25 МЕЛОДРАМА «ЖЕНСКАЯ ИНТУИЦИЯ» 16+
МАТЧ!
5.30 ВСЕ НА ФУТБОЛ! АФИША 12+
6.00 БОБСЛЕЙ И СКЕЛЕТОН. КУБОК МИРА
7.05 «ТАЙНЫ БОЕВЫХ ИСКУССТВ. ТАИЛАНД» 16+
8.00 ПРОФЕССИОНАЛЬНЫЙ БОКС. ДАНИЭЛЬ ДЮБУА ПРОТИВ ДЖО ДЖОЙСА 16+
9.05 ВСЕ НА МАТЧ!
11.00 МУЛЬТФИЛЬМ
11.30 Х/Ф «ДОБРО ПОЖАЛОВАТЬ В ДЖУНГЛИ» 12+
13.35 ВСЕ НА МАТЧ!
14.20 ЛЫЖНЫЙ СПОРТ. ЖЕНЩИНЫ
15.20 ЛЫЖНЫЕ ГОНКИ. МАРАФОНСКАЯ СЕРИЯ SKI CLASSICS. 42 КМ
16.20 ВСЕ НА МАТЧ!
16.50 БИАТЛОН. КУБОК МИРА. МАСС-СТАРТ. ЖЕНЩИНЫ
18.25 ВСЕ НА МАТЧ!
18.45 БИАТЛОН. КУБОК МИРА. ЭСТАФЕТА. МУЖЧИНЫ
21.00 ВСЕ НА МАТЧ!
21.55 ФУТБОЛ. ЧЕМПИОНАТ ИТАЛИИ. «МИЛАН» - «АТАЛАНТА»
00.10 ВСЕ НА МАТЧ!
00.55 ФУТБОЛ. ЧЕМПИОНАТ ФРАНЦИИ. «МОНАКО» - «МАРСЕЛЬ»
03.00 ВСЕ НА МАТЧ!
МИР
4.20, 8.10 МУЛЬТФИЛЬМЫ
7.10 «ИГРА В СЛОВА» 6+
8.25 «НАШЕ КИНО» 12+
9.00 «СЛАБОЕ ЗВЕНО» 12+
10.00 ПОГОДА В МИРЕ
10.10 Х/Ф «ОПАСНО ДЛЯ ЖИЗНИ!» 6+
12.10, 16.15, 19.15 Т/С «СТРАСТИ ПО ЧАПАЮ» 12+
16.00, 19.00 НОВОСТИ
02.10 Х/Ф «ЯДЫ, ИЛИ ВСЕМИРНАЯ ИСТОРИЯ ОТРАВЛЕНИЙ» 16+
03.45 Х/Ф «СЕРДЦА ЧЕТЫРЕХ» 6+
ОТВ
4.10, 5.00 ПАТРУЛЬНЫЙ УЧАСТОК 16+
4.30, 5.30 «СОБЫТИЯ» 16+
6.00 «ПАРЛАМЕНТСКОЕ ВРЕМЯ» 16+
7.05 М/С МАША И МЕДВЕДЬ
7.30 «СОБЫТИЯ. ИТОГИ»
9.00 Т/С «МЕГРЭ» 16+
10.40 «ОБЗОРНАЯ ЭКСКУРСИЯ» 6+
10.55 «НЕДЕЛЯ УГМК» 16+
11.10 «О ЛИЧНОМ И НАЛИЧНОМ» 12+
11.30 ПОЕХАЛИ ПО УРАЛУ 12+
12.00 «НАЦИОНАЛЬНОЕ ИЗМЕРЕНИЕ» 16+
12.25 ПАТРУЛЬНЫЙ УЧАСТОК. НА ДОРОГАХ 16+
12.50 Х/Ф «ДЕНЬ ВЫБОРОВ ПО-ФРАНЦУЗСКИ» 16+
14.25 Х/Ф «ЛЮБОВЬ И КУХНЯ» 16+
15.55 «ОБЗОРНАЯ ЭКСКУРСИЯ» 6+
16.10 «СЕСИЛЬ В СТРАНЕ ЧУДЕС. ВОЛОГДА» 12+
17.00 «ПРОКУРАТУРА. НА СТРАЖЕ ЗАКОНА» 16+
17.15 ПАТРУЛЬНЫЙ УЧАСТОК. ИТОГИ 16+
17.40 ПОЕХАЛИ ПО УРАЛУ 12+
18.10 «КАК ВЫГОДНО КУПИТЬ КВАРТИРУ. СОВЕТЫ ЭКСПЕРТОВ» 12+
19.20 Т/С «МЕГРЭ» 16+
21.00 «СОБЫТИЯ. ИТОГИ НЕДЕЛИ» 16+
21.50 «СЛАВА БОГУ, ТЫ ПРИШЕЛ!» 16+
22.40 Х/Ф «ЖМОТ» 16+
00.05 Х/Ф «ДЕНЬ ВЫБОРОВ ПО-ФРАНЦУЗСКИ» 16+
01.35 Х/Ф «ОТКРЫТЫЕ ОКНА» 18+
03.10 МУЗ. ЕВРОПА 12+
03.50 «ОБЗОРНАЯ ЭКСКУРСИЯ. ВЕРХОТУРЬЕ» 6+
5
4.00 Т/С «ДЕТЕКТИВЫ» 16+
9.00 СВЕТСКАЯ ХРОНИКА 16+
10.00 Т/С «ТАКАЯ РАБОТА» 16+
13.25 Т/С «СЛЕД» 16+
00.00 «ИЗВЕСТИЯ. ГЛАВНОЕ»
00.55 Т/С «СВОИ - 3» 16+
03.00 Т/С «СВОИ» 16+
03.40 Т/С «ПЯТНИЦКИЙ. ГЛАВА ЧЕТВЕРТАЯ» 16+
